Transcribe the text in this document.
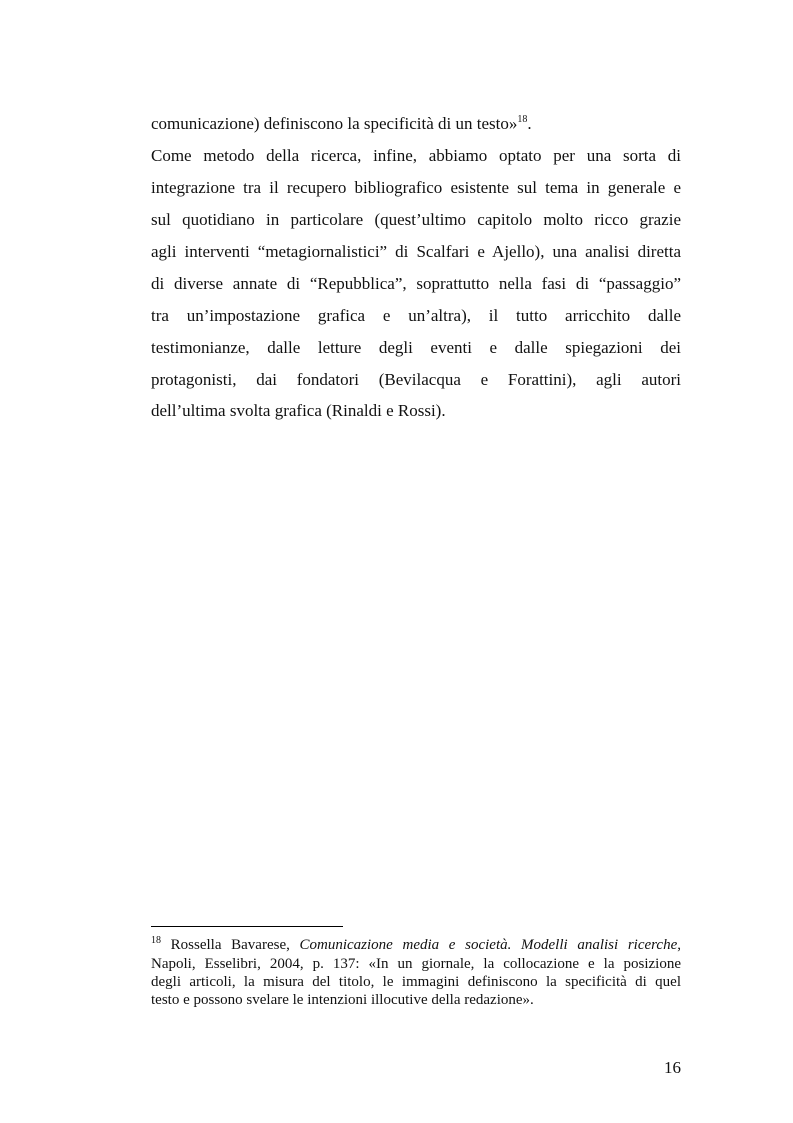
comunicazione) definiscono la specificità di un testo»$^{18}$.

Come metodo della ricerca, infine, abbiamo optato per una sorta di

integrazione tra il recupero bibliografico esistente sul tema in generale e

sul quotidiano in particolare (quest’ultimo capitolo molto ricco grazie

agli interventi “metagiornalistici” di Scalfari e Ajello), una analisi diretta

di diverse annate di “Repubblica”, soprattutto nella fasi di “passaggio”

tra un’impostazione grafica e un’altra), il tutto arricchito dalle

testimonianze, dalle letture degli eventi e dalle spiegazioni dei

protagonisti, dai fondatori (Bevilacqua e Forattini), agli autori

dell’ultima svolta grafica (Rinaldi e Rossi).

$^{18}$ Rossella Bavarese, Comunicazione media e società. Modelli analisi ricerche,

Napoli, Esselibri, 2004, p. 137: «In un giornale, la collocazione e la posizione

degli articoli, la misura del titolo, le immagini definiscono la specificità di quel

testo e possono svelare le intenzioni illocutive della redazione».

16
